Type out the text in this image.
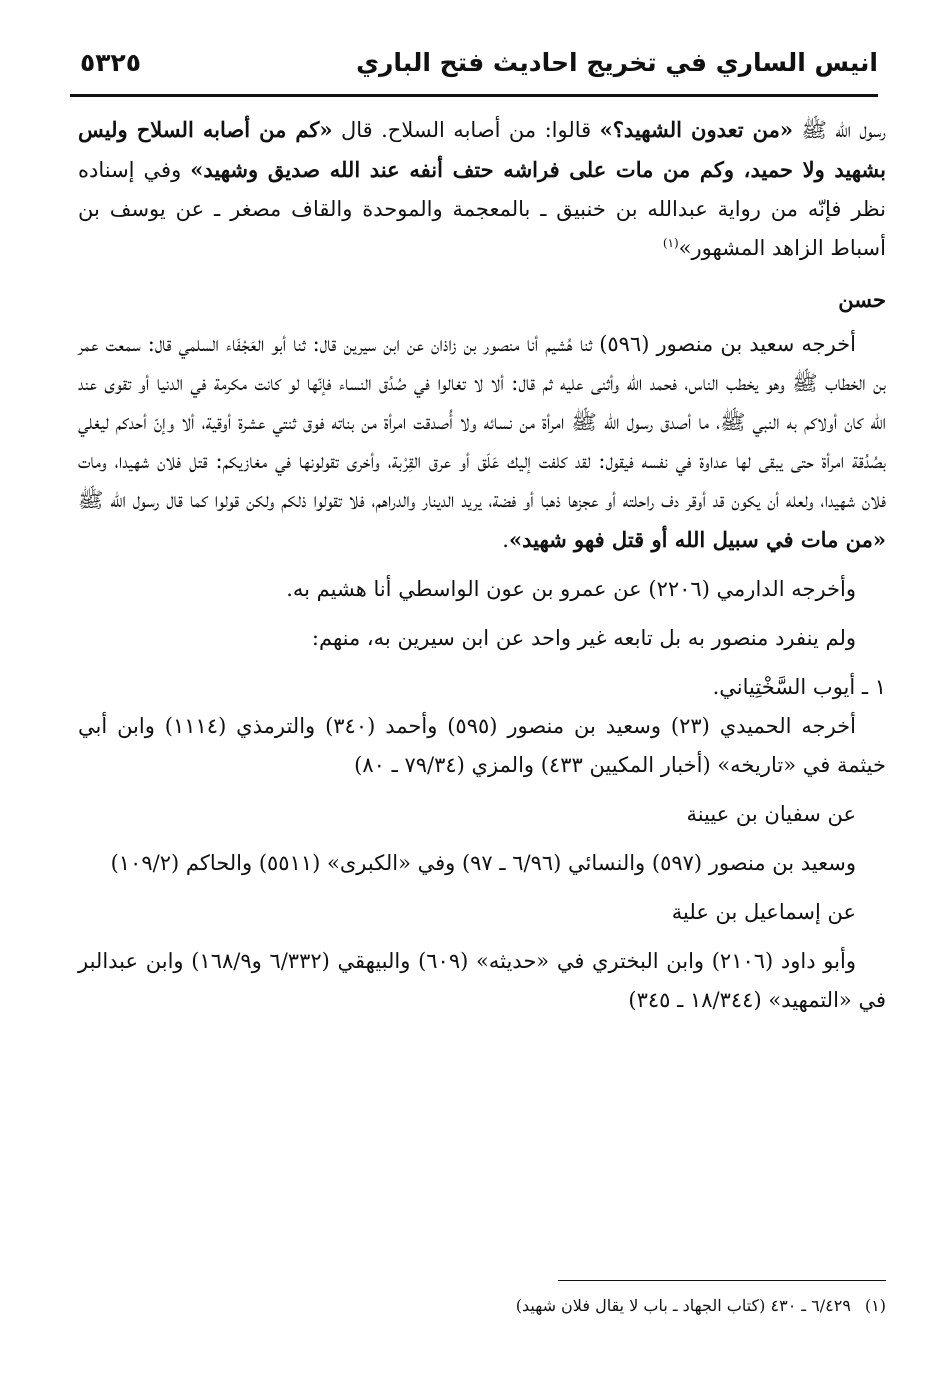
انيس الساري في تخريج احاديث فتح الباري
٥٣٢٥

رسول الله ﷺ «من تعدون الشهيد؟» قالوا: من أصابه السلاح. قال «كم من أصابه السلاح وليس بشهيد ولا حميد، وكم من مات على فراشه حتف أنفه عند الله صديق وشهيد» وفي إسناده نظر فإنّه من رواية عبدالله بن خنبيق ـ بالمعجمة والموحدة والقاف مصغر ـ عن يوسف بن أسباط الزاهد المشهور»$^{(١)}$

حسن

أخرجه سعيد بن منصور (٥٩٦) ثنا هُشيم أنا منصور بن زاذان عن ابن سيرين قال: ثنا أبو العَجْفَاء السلمي قال: سمعت عمر بن الخطاب ﷺ وهو يخطب الناس، فحمد الله وأثنى عليه ثم قال: ألا لا تغالوا في صُدُق النساء فإنّها لو كانت مكرمة في الدنيا أو تقوى عند الله كان أولاكم به النبي ﷺ، ما أصدق رسول الله ﷺ امرأة من نسائه ولا أُصدقت امرأة من بناته فوق ثنتي عشرة أوقية، ألا وإنّ أحدكم ليغلي بصُدُقة امرأة حتى يبقى لها عداوة في نفسه فيقول: لقد كلفت إليك عَلَق أو عرق القِرْبة، وأخرى تقولونها في مغازيكم: قتل فلان شهيدا، ومات فلان شهيدا، ولعله أن يكون قد أوقر دف راحلته أو عجزها ذهبا أو فضة، يريد الدينار والدراهم، فلا تقولوا ذلكم ولكن قولوا كما قال رسول الله ﷺ «من مات في سبيل الله أو قتل فهو شهيد».

وأخرجه الدارمي (٢٢٠٦) عن عمرو بن عون الواسطي أنا هشيم به.

ولم ينفرد منصور به بل تابعه غير واحد عن ابن سيرين به، منهم:

١ ـ أيوب السَّخْتِياني.

أخرجه الحميدي (٢٣) وسعيد بن منصور (٥٩٥) وأحمد (٣٤٠) والترمذي (١١١٤) وابن أبي خيثمة في «تاريخه» (أخبار المكيين ٤٣٣) والمزي (٧٩/٣٤ ـ ٨٠)

عن سفيان بن عيينة

وسعيد بن منصور (٥٩٧) والنسائي (٦/٩٦ ـ ٩٧) وفي «الكبرى» (٥٥١١) والحاكم (١٠٩/٢)

عن إسماعيل بن علية

وأبو داود (٢١٠٦) وابن البختري في «حديثه» (٦٠٩) والبيهقي (٦/٣٣٢ و١٦٨/٩) وابن عبدالبر في «التمهيد» (١٨/٣٤٤ ـ ٣٤٥)

(١)٦/٤٢٩ ـ ٤٣٠ (كتاب الجهاد ـ باب لا يقال فلان شهيد)
